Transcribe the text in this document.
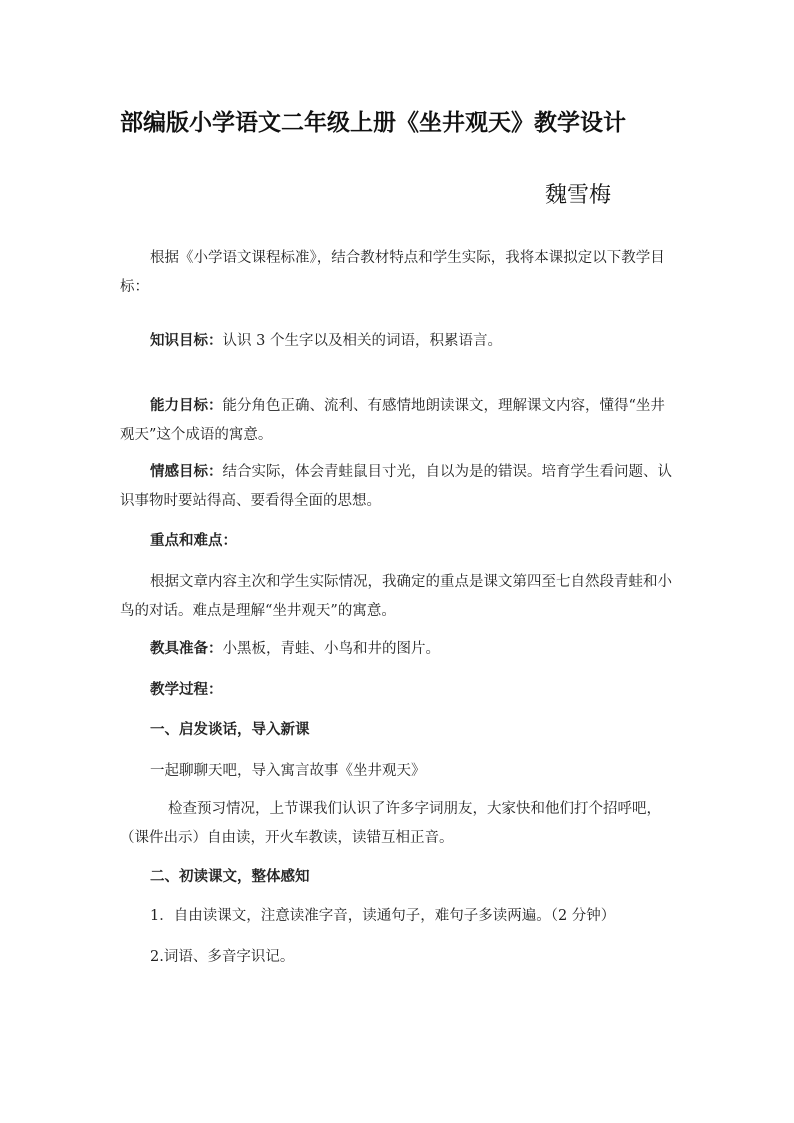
部编版小学语文二年级上册《坐井观天》教学设计
魏雪梅

根据《小学语文课程标准》，结合教材特点和学生实际，我将本课拟定以下教学目标：

知识目标：认识 3 个生字以及相关的词语，积累语言。

能力目标：能分角色正确、流利、有感情地朗读课文，理解课文内容，懂得“坐井观天”这个成语的寓意。

情感目标：结合实际，体会青蛙鼠目寸光，自以为是的错误。培育学生看问题、认识事物时要站得高、要看得全面的思想。

重点和难点：

根据文章内容主次和学生实际情况，我确定的重点是课文第四至七自然段青蛙和小鸟的对话。难点是理解“坐井观天”的寓意。

教具准备：小黑板，青蛙、小鸟和井的图片。

教学过程：

一、启发谈话，导入新课

一起聊聊天吧，导入寓言故事《坐井观天》

检查预习情况，上节课我们认识了许多字词朋友，大家快和他们打个招呼吧，（课件出示）自由读，开火车教读，读错互相正音。

二、初读课文，整体感知

1．自由读课文，注意读准字音，读通句子，难句子多读两遍。（2 分钟）

2.词语、多音字识记。
